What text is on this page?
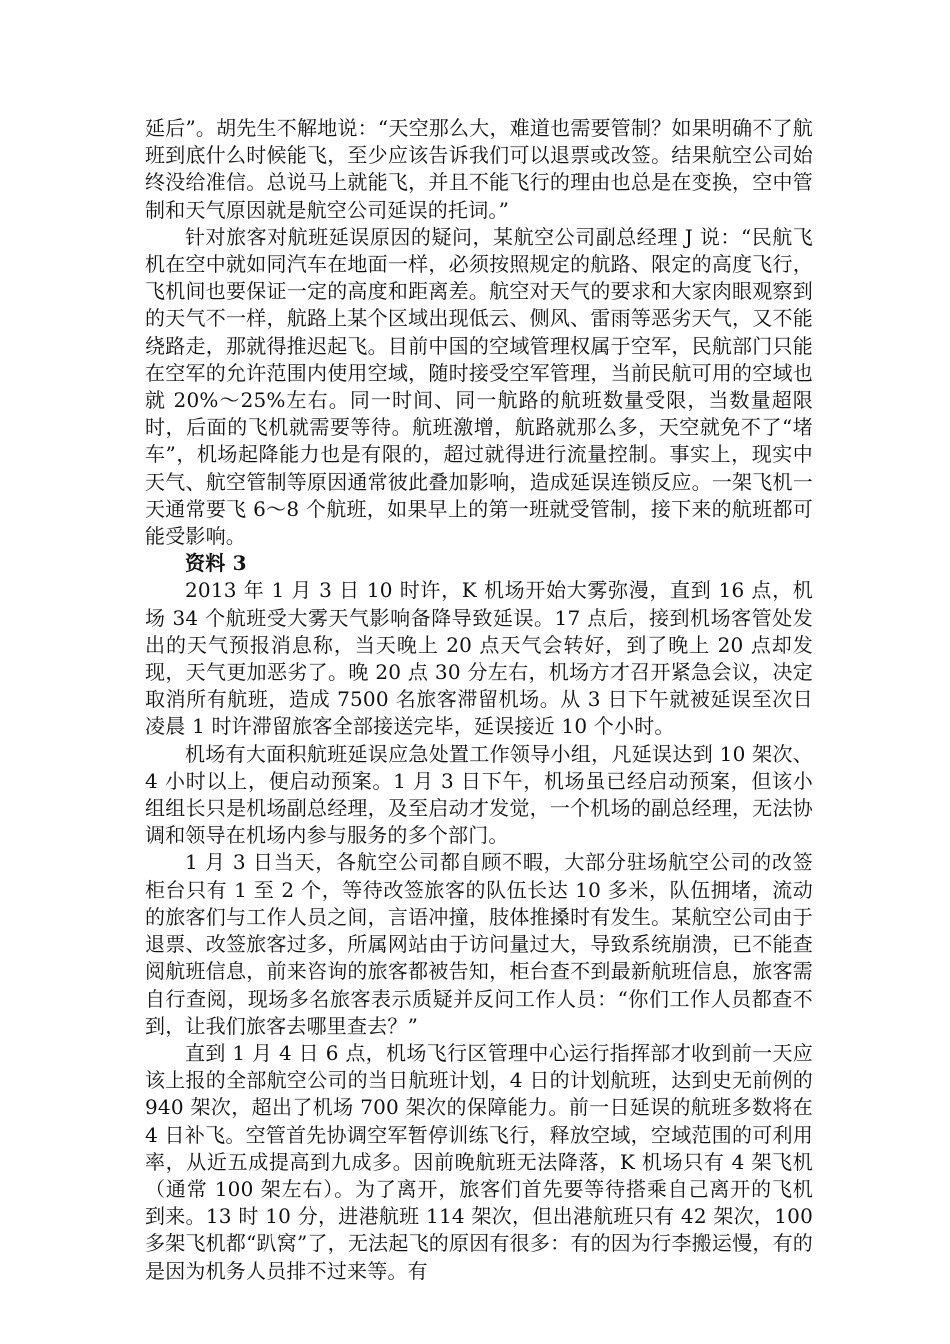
延后”。胡先生不解地说：“天空那么大，难道也需要管制？如果明确不了航班到底什么时候能飞，至少应该告诉我们可以退票或改签。结果航空公司始终没给准信。总说马上就能飞，并且不能飞行的理由也总是在变换，空中管制和天气原因就是航空公司延误的托词。”

针对旅客对航班延误原因的疑问，某航空公司副总经理 J 说：“民航飞机在空中就如同汽车在地面一样，必须按照规定的航路、限定的高度飞行，飞机间也要保证一定的高度和距离差。航空对天气的要求和大家肉眼观察到的天气不一样，航路上某个区域出现低云、侧风、雷雨等恶劣天气，又不能绕路走，那就得推迟起飞。目前中国的空域管理权属于空军，民航部门只能在空军的允许范围内使用空域，随时接受空军管理，当前民航可用的空域也就 20%～25%左右。同一时间、同一航路的航班数量受限，当数量超限时，后面的飞机就需要等待。航班激增，航路就那么多，天空就免不了“堵车”，机场起降能力也是有限的，超过就得进行流量控制。事实上，现实中天气、航空管制等原因通常彼此叠加影响，造成延误连锁反应。一架飞机一天通常要飞 6～8 个航班，如果早上的第一班就受管制，接下来的航班都可能受影响。

资料 3

2013 年 1 月 3 日 10 时许，K 机场开始大雾弥漫，直到 16 点，机场 34 个航班受大雾天气影响备降导致延误。17 点后，接到机场客管处发出的天气预报消息称，当天晚上 20 点天气会转好，到了晚上 20 点却发现，天气更加恶劣了。晚 20 点 30 分左右，机场方才召开紧急会议，决定取消所有航班，造成 7500 名旅客滞留机场。从 3 日下午就被延误至次日凌晨 1 时许滞留旅客全部接送完毕，延误接近 10 个小时。

机场有大面积航班延误应急处置工作领导小组，凡延误达到 10 架次、4 小时以上，便启动预案。1 月 3 日下午，机场虽已经启动预案，但该小组组长只是机场副总经理，及至启动才发觉，一个机场的副总经理，无法协调和领导在机场内参与服务的多个部门。

1 月 3 日当天，各航空公司都自顾不暇，大部分驻场航空公司的改签柜台只有 1 至 2 个，等待改签旅客的队伍长达 10 多米，队伍拥堵，流动的旅客们与工作人员之间，言语冲撞，肢体推搡时有发生。某航空公司由于退票、改签旅客过多，所属网站由于访问量过大，导致系统崩溃，已不能查阅航班信息，前来咨询的旅客都被告知，柜台查不到最新航班信息，旅客需自行查阅，现场多名旅客表示质疑并反问工作人员：“你们工作人员都查不到，让我们旅客去哪里查去？”

直到 1 月 4 日 6 点，机场飞行区管理中心运行指挥部才收到前一天应该上报的全部航空公司的当日航班计划，4 日的计划航班，达到史无前例的 940 架次，超出了机场 700 架次的保障能力。前一日延误的航班多数将在 4 日补飞。空管首先协调空军暂停训练飞行，释放空域，空域范围的可利用率，从近五成提高到九成多。因前晚航班无法降落，K 机场只有 4 架飞机（通常 100 架左右）。为了离开，旅客们首先要等待搭乘自己离开的飞机到来。13 时 10 分，进港航班 114 架次，但出港航班只有 42 架次，100 多架飞机都“趴窝”了，无法起飞的原因有很多：有的因为行李搬运慢，有的是因为机务人员排不过来等。有
